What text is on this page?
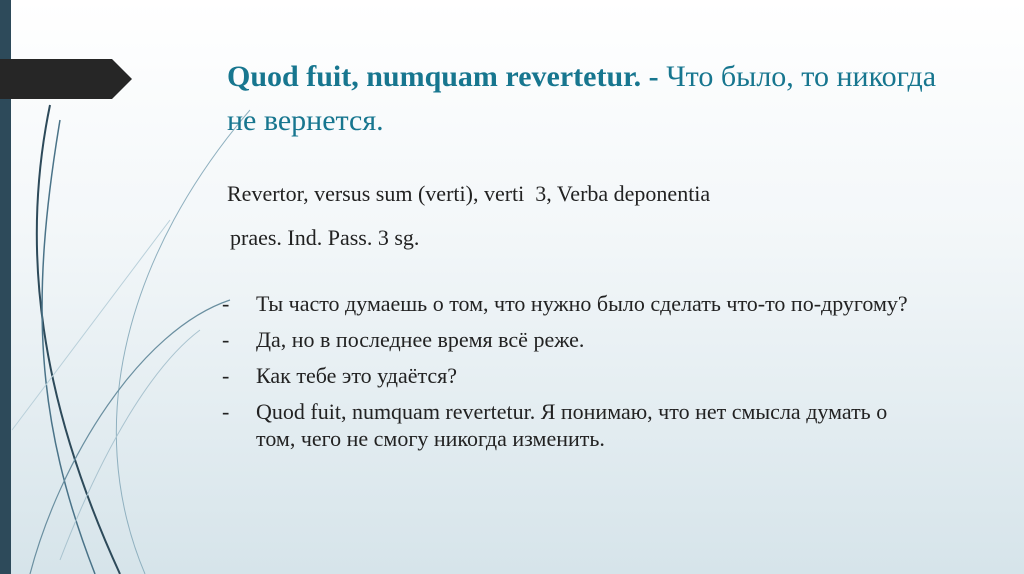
Quod fuit, numquam revertetur. - Что было, то никогда не вернется.
Revertor, versus sum (verti), verti  3, Verba deponentia
praes. Ind. Pass. 3 sg.
- Ты часто думаешь о том, что нужно было сделать что-то по-другому?
- Да, но в последнее время всё реже.
- Как тебе это удаётся?
- Quod fuit, numquam revertetur. Я понимаю, что нет смысла думать о том, чего не смогу никогда изменить.
